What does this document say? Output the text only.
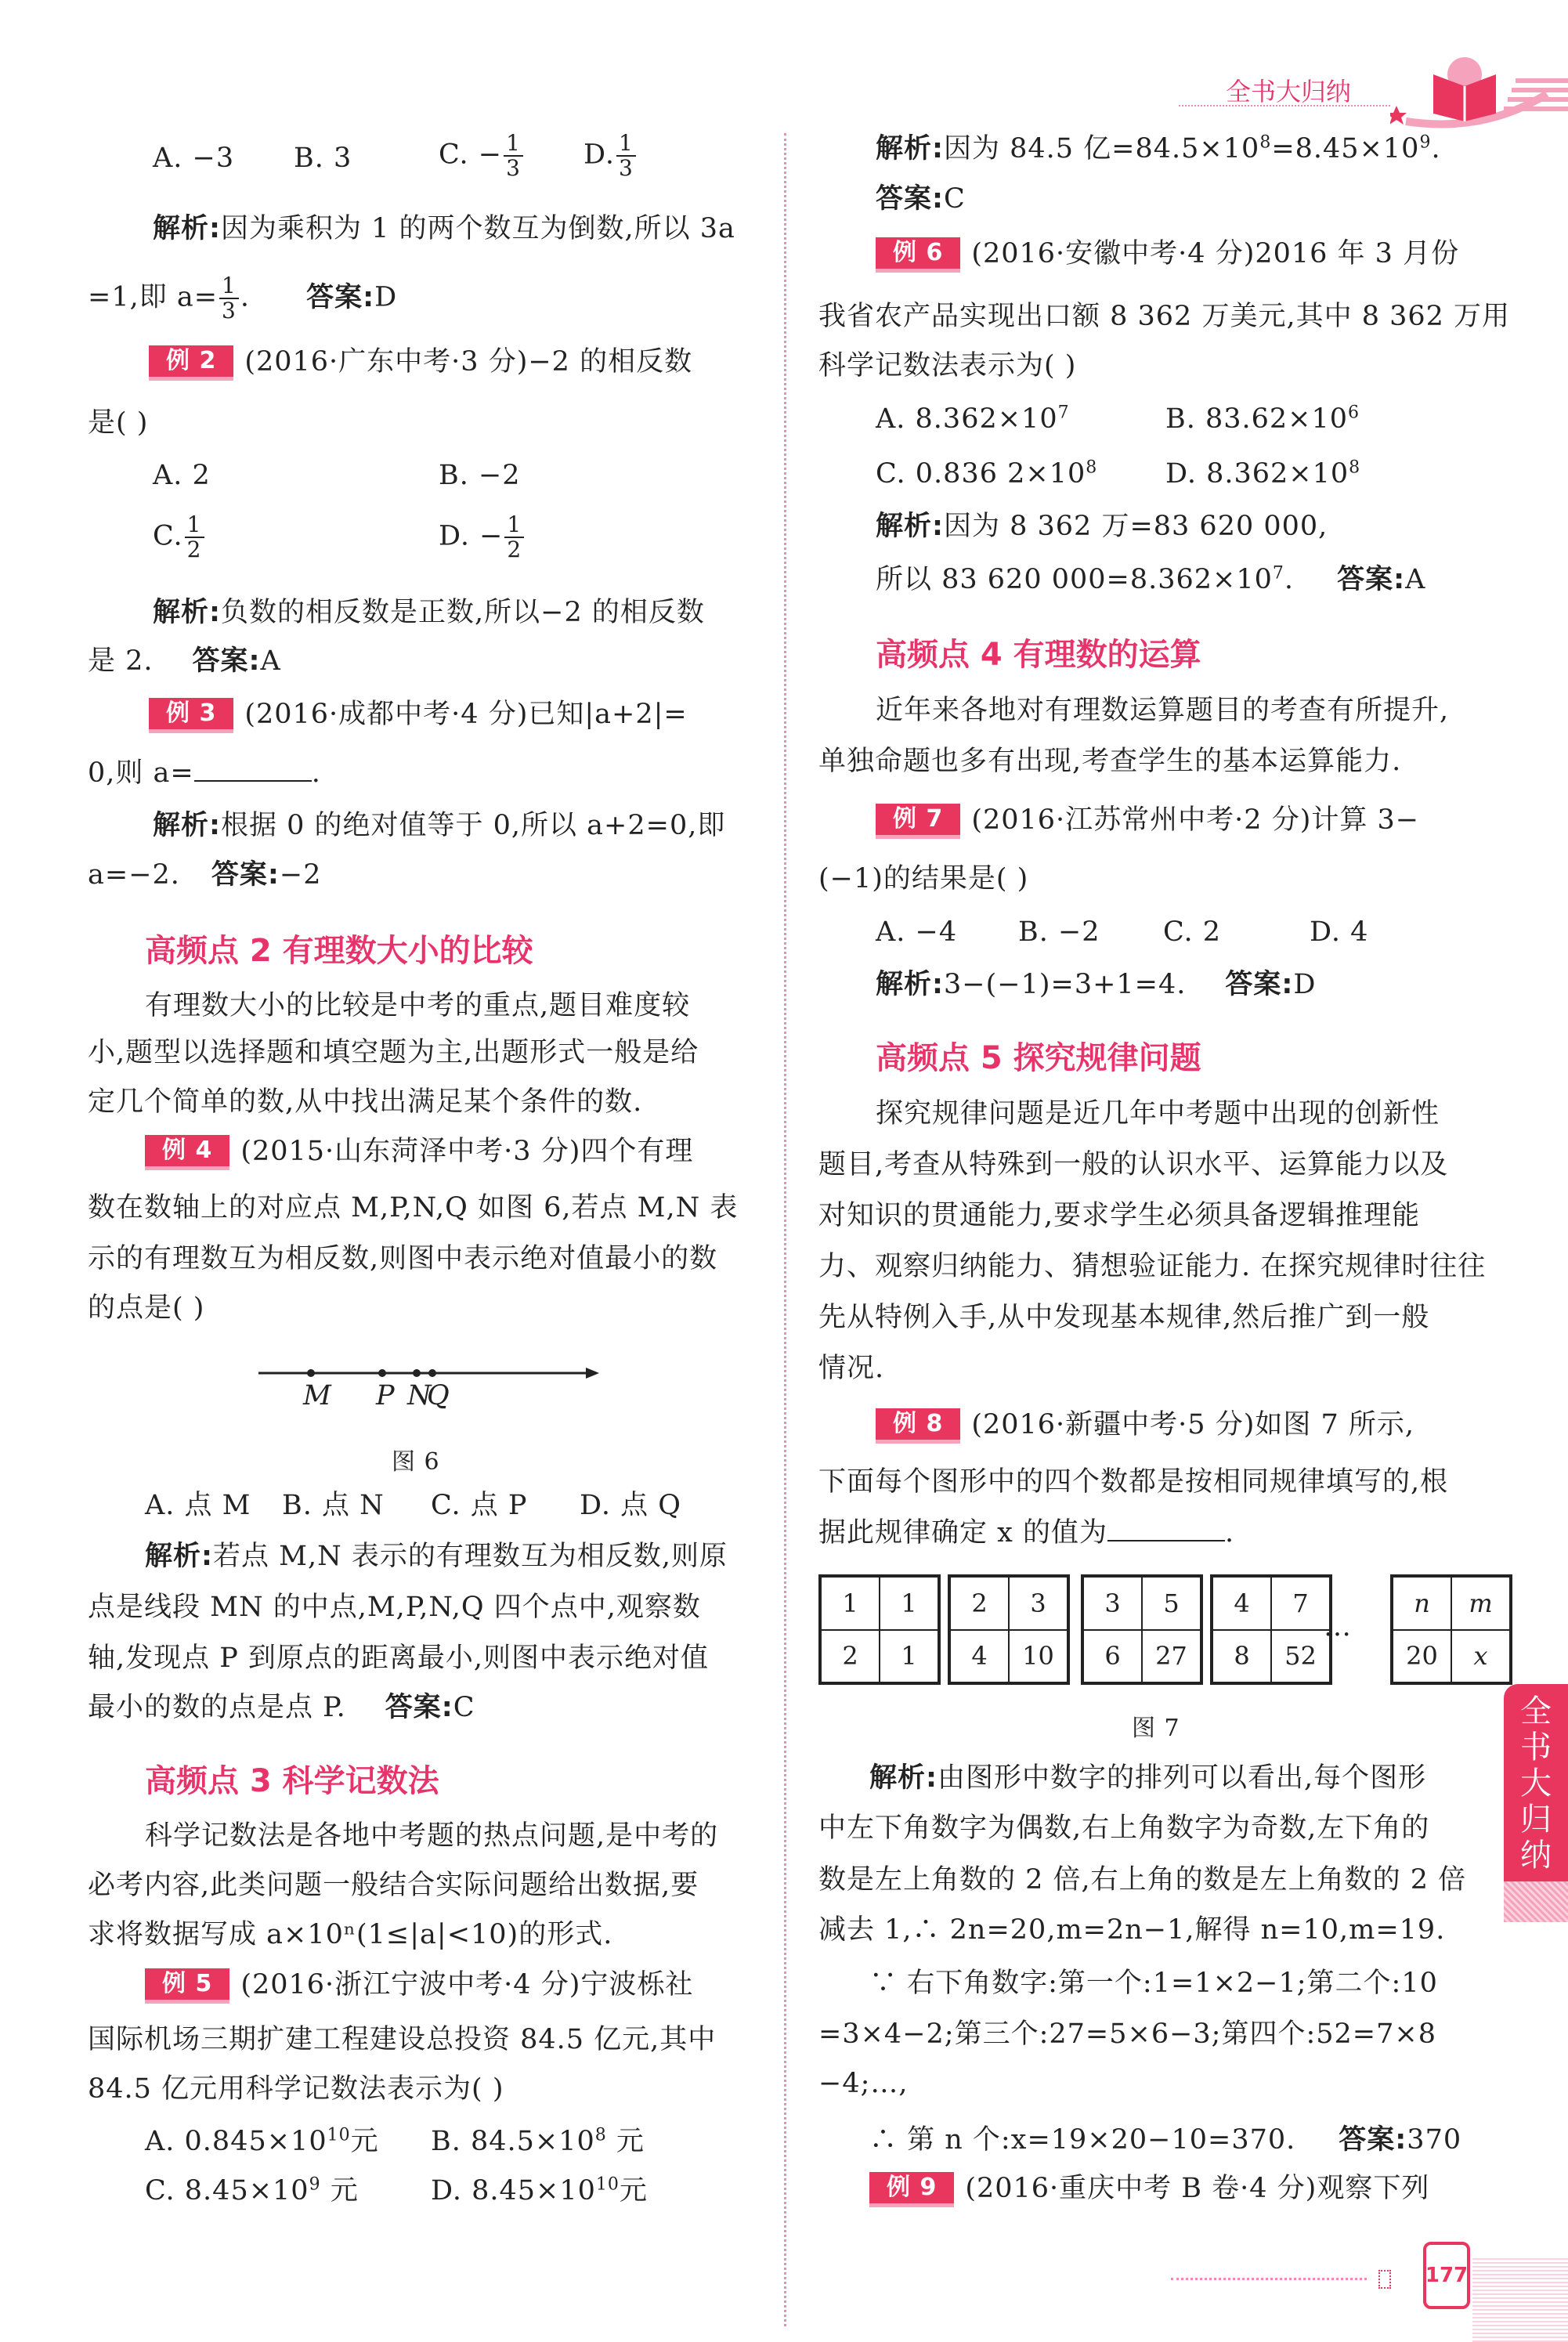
全书大归纳
A. −3 B. 3	C. − $\frac{1}{3} D$. $\frac{1}{3}$
解析:因为乘积为 1 的两个数互为倒数,所以 3a
=1,即 $a= \frac{1}{3}$ . 答案:D
例 2 (2016·广东中考·3 分)−2 的相反数
是( )
A. 2	B. −2
C. $\frac{1}{2}$	D. − $\frac{1}{2}$
解析:负数的相反数是正数,所以−2 的相反数
是 2. 答案:A
例 3 (2016·成都中考·4 分)已知|a+2|=
0,则 a=	.
解析:根据 0 的绝对值等于 0,所以 a+2=0,即
a=−2. 答案:−2
高频点 2 有理数大小的比较
有理数大小的比较是中考的重点,题目难度较
小,题型以选择题和填空题为主,出题形式一般是给
定几个简单的数,从中找出满足某个条件的数.
例 4 (2015·山东菏泽中考·3 分)四个有理
数在数轴上的对应点 M,P,N,Q 如图 6,若点 M,N 表
示的有理数互为相反数,则图中表示绝对值最小的数
的点是( )
M P N
Q
图 6
A. 点 M B. 点 N C. 点 P D. 点 Q
解析:若点 M,N 表示的有理数互为相反数,则原
点是线段 MN 的中点,M,P,N,Q 四个点中,观察数
轴,发现点 P 到原点的距离最小,则图中表示绝对值
最小的数的点是点 P. 答案:C
高频点 3 科学记数法
科学记数法是各地中考题的热点问题,是中考的
必考内容,此类问题一般结合实际问题给出数据,要
求将数据写成 a×10ⁿ(1≤|a|<10)的形式.
例 5 (2016·浙江宁波中考·4 分)宁波栎社
国际机场三期扩建工程建设总投资 84.5 亿元,其中
84.5 亿元用科学记数法表示为( )
A. $0.845\times 10^{10}$元 B. $84.5\times 10^8$ 元
C. $8.45\times 10^9$ 元	D. $8.45\times 10^{10}$元
解析:因为 84.5 亿$=84.5\times 10^8=8.45\times 10^9$.
答案:C
例 6 (2016·安徽中考·4 分)2016 年 3 月份
我省农产品实现出口额 8 362 万美元,其中 8 362 万用
科学记数法表示为( )
A. $8.362\times 10^7$	B. $83.62\times 10^6$
C. 0.836 $2\times 10^8$ D. $8.362\times 10^8$
解析:因为 8 362 万=83 620 000,
所以 83 620 $000=8.362\times 10^7$. 答案:A
高频点 4 有理数的运算
近年来各地对有理数运算题目的考查有所提升,
单独命题也多有出现,考查学生的基本运算能力.
例 7 (2016·江苏常州中考·2 分)计算 3−
(−1)的结果是( )
A. −4 B. −2 C. 2	D. 4
解析:3−(−1)=3+1=4. 答案:D
高频点 5 探究规律问题
探究规律问题是近几年中考题中出现的创新性
题目,考查从特殊到一般的认识水平、运算能力以及
对知识的贯通能力,要求学生必须具备逻辑推理能
力、观察归纳能力、猜想验证能力. 在探究规律时往往
先从特例入手,从中发现基本规律,然后推广到一般
情况.
例 8 (2016·新疆中考·5 分)如图 7 所示,
下面每个图形中的四个数都是按相同规律填写的,根
据此规律确定 x 的值为	.
1	1
2	1
2	3
4	10
3	5
6	27
4	7
8	52
n	m
20	x
…
图 7
解析:由图形中数字的排列可以看出,每个图形
中左下角数字为偶数,右上角数字为奇数,左下角的
数是左上角数的 2 倍,右上角的数是左上角数的 2 倍
减去 1,∴ 2n=20,m=2n−1,解得 n=10,m=19.
∵ 右下角数字:第一个:1=1×2−1;第二个:10
=3×4−2;第三个:27=5×6−3;第四个:52=7×8
−4;…,
∴ 第 n 个:x=19×20−10=370. 答案:370
例 9 (2016·重庆中考 B 卷·4 分)观察下列
全
书
大
归
纳
177
